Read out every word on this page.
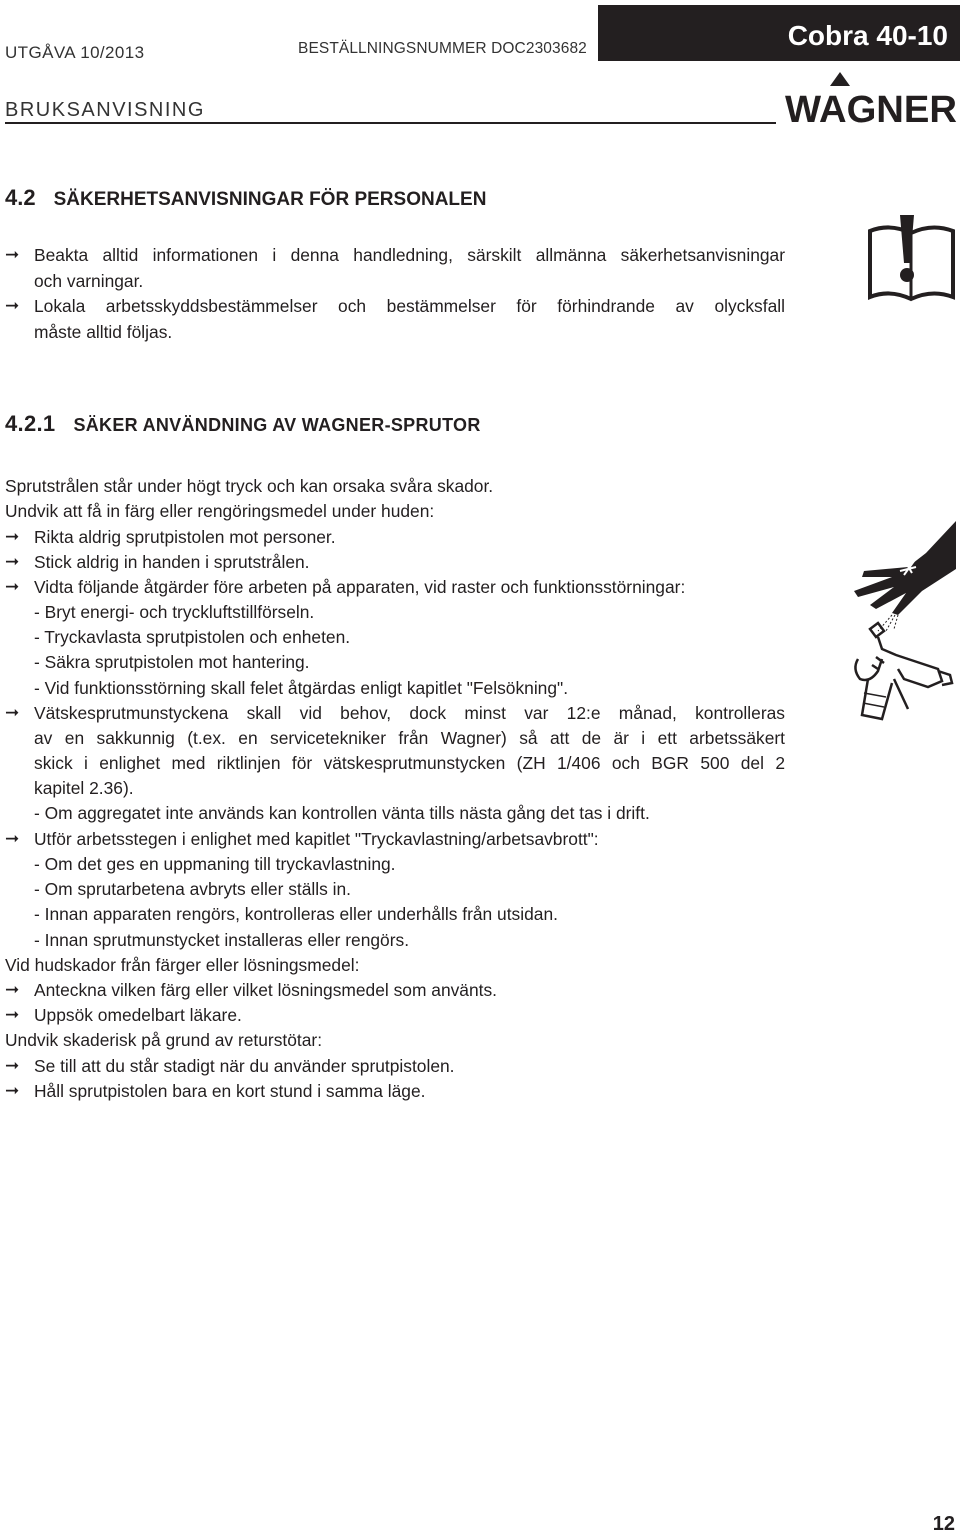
UTGÅVA 10/2013	BESTÄLLNINGSNUMMER DOC2303682	Cobra 40-10
BRUKSANVISNING	WAGNER
4.2 SÄKERHETSANVISNINGAR FÖR PERSONALEN
➞ Beakta alltid informationen i denna handledning, särskilt allmänna säkerhetsanvisningar
och varningar.
➞ Lokala arbetsskyddsbestämmelser och bestämmelser för förhindrande av olycksfall
måste alltid följas.
4.2.1 SÄKER ANVÄNDNING AV WAGNER-SPRUTOR
Sprutstrålen står under högt tryck och kan orsaka svåra skador.
Undvik att få in färg eller rengöringsmedel under huden:
➞ Rikta aldrig sprutpistolen mot personer.
➞ Stick aldrig in handen i sprutstrålen.
➞ Vidta följande åtgärder före arbeten på apparaten, vid raster och funktionsstörningar:
- Bryt energi- och tryckluftstillförseln.
- Tryckavlasta sprutpistolen och enheten.
- Säkra sprutpistolen mot hantering.
- Vid funktionsstörning skall felet åtgärdas enligt kapitlet "Felsökning".
➞ Vätskesprutmunstyckena skall vid behov, dock minst var 12:e månad, kontrolleras
av en sakkunnig (t.ex. en servicetekniker från Wagner) så att de är i ett arbetssäkert
skick i enlighet med riktlinjen för vätskesprutmunstycken (ZH 1/406 och BGR 500 del 2
kapitel 2.36).
- Om aggregatet inte används kan kontrollen vänta tills nästa gång det tas i drift.
➞ Utför arbetsstegen i enlighet med kapitlet "Tryckavlastning/arbetsavbrott":
- Om det ges en uppmaning till tryckavlastning.
- Om sprutarbetena avbryts eller ställs in.
- Innan apparaten rengörs, kontrolleras eller underhålls från utsidan.
- Innan sprutmunstycket installeras eller rengörs.
Vid hudskador från färger eller lösningsmedel:
➞ Anteckna vilken färg eller vilket lösningsmedel som använts.
➞ Uppsök omedelbart läkare.
Undvik skaderisk på grund av returstötar:
➞ Se till att du står stadigt när du använder sprutpistolen.
➞ Håll sprutpistolen bara en kort stund i samma läge.
12
